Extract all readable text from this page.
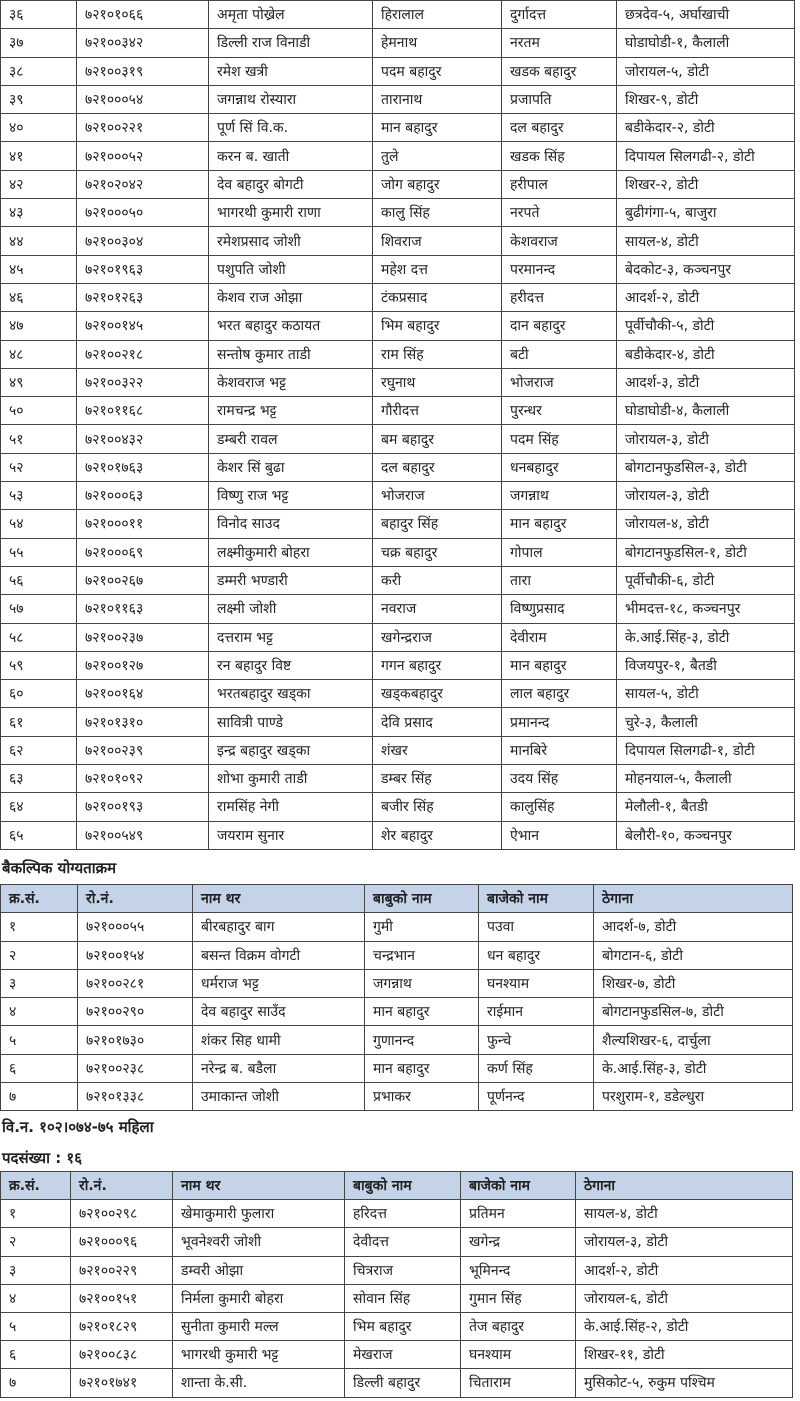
३६	७२१०१०६६	अमृता पोख्रेल	हिरालाल	दुर्गादत्त	छत्रदेव-५, अर्घाखाची
३७	७२१००३४२	डिल्ली राज विनाडी	हेमनाथ	नरतम	घोडाघोडी-१, कैलाली
३८	७२१००३१९	रमेश खत्री	पदम बहादुर	खडक बहादुर	जोरायल-५, डोटी
३९	७२१०००५४	जगन्नाथ रोस्यारा	तारानाथ	प्रजापति	शिखर-९, डोटी
४०	७२१००२२१	पूर्ण सिं वि.क.	मान बहादुर	दल बहादुर	बडीकेदार-२, डोटी
४१	७२१०००५२	करन ब. खाती	तुले	खडक सिंह	दिपायल सिलगढी-२, डोटी
४२	७२१०२०४२	देव बहादुर बोगटी	जोग बहादुर	हरीपाल	शिखर-२, डोटी
४३	७२१०००५०	भागरथी कुमारी राणा	कालु सिंह	नरपते	बुढीगंगा-५, बाजुरा
४४	७२१००३०४	रमेशप्रसाद जोशी	शिवराज	केशवराज	सायल-४, डोटी
४५	७२१०१९६३	पशुपति जोशी	महेश दत्त	परमानन्द	बेदकोट-३, कञ्चनपुर
४६	७२१०१२६३	केशव राज ओझा	टंकप्रसाद	हरीदत्त	आदर्श-२, डोटी
४७	७२१००१४५	भरत बहादुर कठायत	भिम बहादुर	दान बहादुर	पूर्वीचौकी-५, डोटी
४८	७२१००२१८	सन्तोष कुमार ताडी	राम सिंह	बटी	बडीकेदार-४, डोटी
४९	७२१००३२२	केशवराज भट्ट	रघुनाथ	भोजराज	आदर्श-३, डोटी
५०	७२१०११६८	रामचन्द्र भट्ट	गौरीदत्त	पुरन्धर	घोडाघोडी-४, कैलाली
५१	७२१००४३२	डम्बरी रावल	बम बहादुर	पदम सिंह	जोरायल-३, डोटी
५२	७२१०१७६३	केशर सिं बुढा	दल बहादुर	धनबहादुर	बोगटानफुडसिल-३, डोटी
५३	७२१०००६३	विष्णु राज भट्ट	भोजराज	जगन्नाथ	जोरायल-३, डोटी
५४	७२१०००११	विनोद साउद	बहादुर सिंह	मान बहादुर	जोरायल-४, डोटी
५५	७२१०००६९	लक्ष्मीकुमारी बोहरा	चक्र बहादुर	गोपाल	बोगटानफुडसिल-१, डोटी
५६	७२१००२६७	डम्मरी भण्डारी	करी	तारा	पूर्वीचौकी-६, डोटी
५७	७२१०११६३	लक्ष्मी जोशी	नवराज	विष्णुप्रसाद	भीमदत्त-१८, कञ्चनपुर
५८	७२१००२३७	दत्तराम भट्ट	खगेन्द्रराज	देवीराम	के.आई.सिंह-३, डोटी
५९	७२१००१२७	रन बहादुर विष्ट	गगन बहादुर	मान बहादुर	विजयपुर-१, बैतडी
६०	७२१००१६४	भरतबहादुर खड्का	खड्कबहादुर	लाल बहादुर	सायल-५, डोटी
६१	७२१०१३१०	सावित्री पाण्डे	देवि प्रसाद	प्रमानन्द	चुरे-३, कैलाली
६२	७२१००२३९	इन्द्र बहादुर खड्का	शंखर	मानबिरे	दिपायल सिलगढी-१, डोटी
६३	७२१०१०९२	शोभा कुमारी ताडी	डम्बर सिंह	उदय सिंह	मोहनयाल-५, कैलाली
६४	७२१००१९३	रामसिंह नेगी	बजीर सिंह	कालुसिंह	मेलौली-१, बैतडी
६५	७२१००५४९	जयराम सुनार	शेर बहादुर	ऐभान	बेलौरी-१०, कञ्चनपुर
बैकल्पिक योग्यताक्रम
क्र.सं.	रो.नं.	नाम थर	बाबुको नाम	बाजेको नाम	ठेगाना
१	७२१०००५५	बीरबहादुर बाग	गुमी	पउवा	आदर्श-७, डोटी
२	७२१००१५४	बसन्त विक्रम वोगटी	चन्द्रभान	धन बहादुर	बोगटान-६, डोटी
३	७२१००२८१	धर्मराज भट्ट	जगन्नाथ	घनश्याम	शिखर-७, डोटी
४	७२१००२९०	देव बहादुर साउँद	मान बहादुर	राईमान	बोगटानफुडसिल-७, डोटी
५	७२१०१७३०	शंकर सिह धामी	गुणानन्द	फुन्चे	शैल्यशिखर-६, दार्चुला
६	७२१००२३८	नरेन्द्र ब. बडैला	मान बहादुर	कर्ण सिंह	के.आई.सिंह-३, डोटी
७	७२१०१३३८	उमाकान्त जोशी	प्रभाकर	पूर्णनन्द	परशुराम-१, डडेल्धुरा
वि.न. १०२।०७४-७५ महिला
पदसंख्या : १६
क्र.सं.	रो.नं.	नाम थर	बाबुको नाम	बाजेको नाम	ठेगाना
१	७२१००२९८	खेमाकुमारी फुलारा	हरिदत्त	प्रतिमन	सायल-४, डोटी
२	७२१०००९६	भूवनेश्वरी जोशी	देवीदत्त	खगेन्द्र	जोरायल-३, डोटी
३	७२१००२२९	डम्वरी ओझा	चित्रराज	भूमिनन्द	आदर्श-२, डोटी
४	७२१००१५१	निर्मला कुमारी बोहरा	सोवान सिंह	गुमान सिंह	जोरायल-६, डोटी
५	७२१०१८२९	सुनीता कुमारी मल्ल	भिम बहादुर	तेज बहादुर	के.आई.सिंह-२, डोटी
६	७२१००८३८	भागरथी कुमारी भट्ट	मेखराज	घनश्याम	शिखर-११, डोटी
७	७२१०१७४१	शान्ता के.सी.	डिल्ली बहादुर	चिताराम	मुसिकोट-५, रुकुम पश्चिम
